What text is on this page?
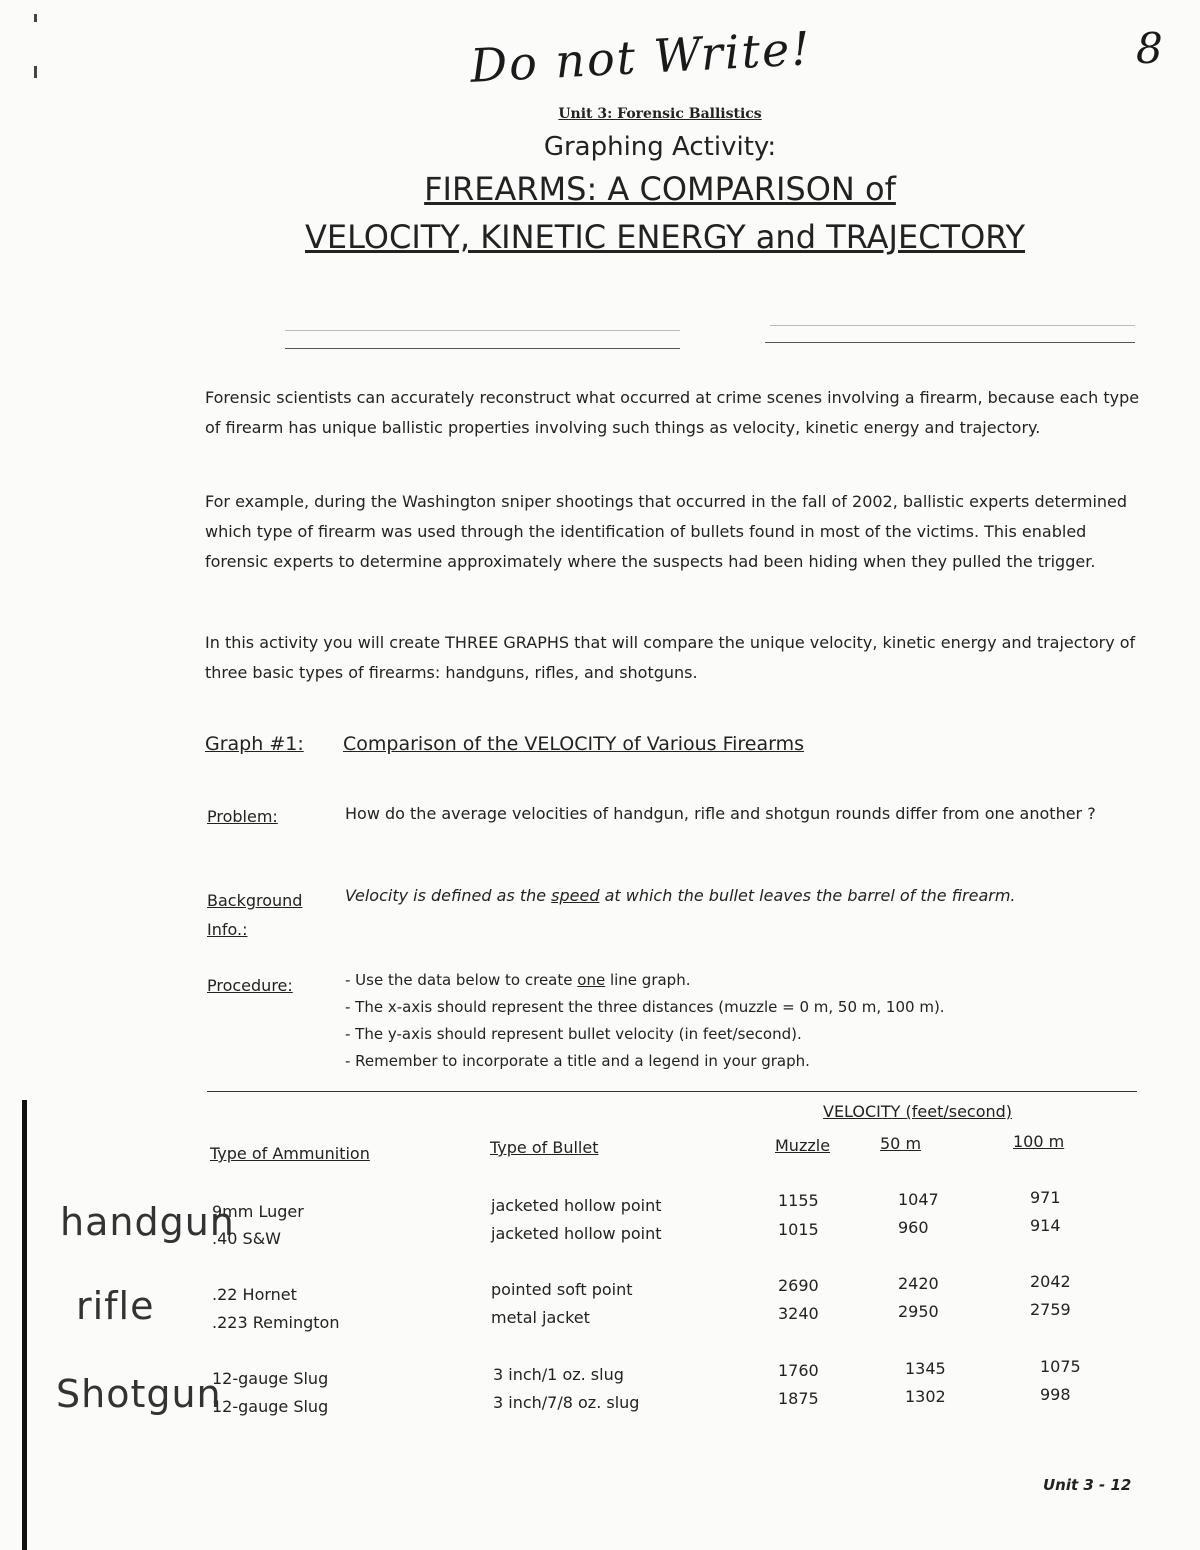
8
Do not Write!
Unit 3: Forensic Ballistics
Graphing Activity:
FIREARMS: A COMPARISON of
VELOCITY, KINETIC ENERGY and TRAJECTORY
Forensic scientists can accurately reconstruct what occurred at crime scenes involving a firearm, because each type of firearm has unique ballistic properties involving such things as velocity, kinetic energy and trajectory.
For example, during the Washington sniper shootings that occurred in the fall of 2002, ballistic experts determined which type of firearm was used through the identification of bullets found in most of the victims. This enabled forensic experts to determine approximately where the suspects had been hiding when they pulled the trigger.
In this activity you will create THREE GRAPHS that will compare the unique velocity, kinetic energy and trajectory of three basic types of firearms: handguns, rifles, and shotguns.
Graph #1: Comparison of the VELOCITY of Various Firearms
Problem:	How do the average velocities of handgun, rifle and shotgun rounds differ from one another ?
Background
Info.:
Velocity is defined as the speed at which the bullet leaves the barrel of the firearm.
Procedure:	- Use the data below to create one line graph.
- The x-axis should represent the three distances (muzzle = 0 m, 50 m, 100 m).
- The y-axis should represent bullet velocity (in feet/second).
- Remember to incorporate a title and a legend in your graph.
VELOCITY (feet/second)
Type of Ammunition	Type of Bullet	Muzzle	50 m	100 m
9mm Luger	jacketed hollow point	1155	1047	971
.40 S&W	jacketed hollow point	1015	960	914
.22 Hornet	pointed soft point	2690	2420	2042
.223 Remington	metal jacket	3240	2950	2759
12-gauge Slug	3 inch/1 oz. slug	1760	1345	1075
12-gauge Slug	3 inch/7/8 oz. slug	1875	1302	998
handgun
rifle
Shotgun
Unit 3 - 12
